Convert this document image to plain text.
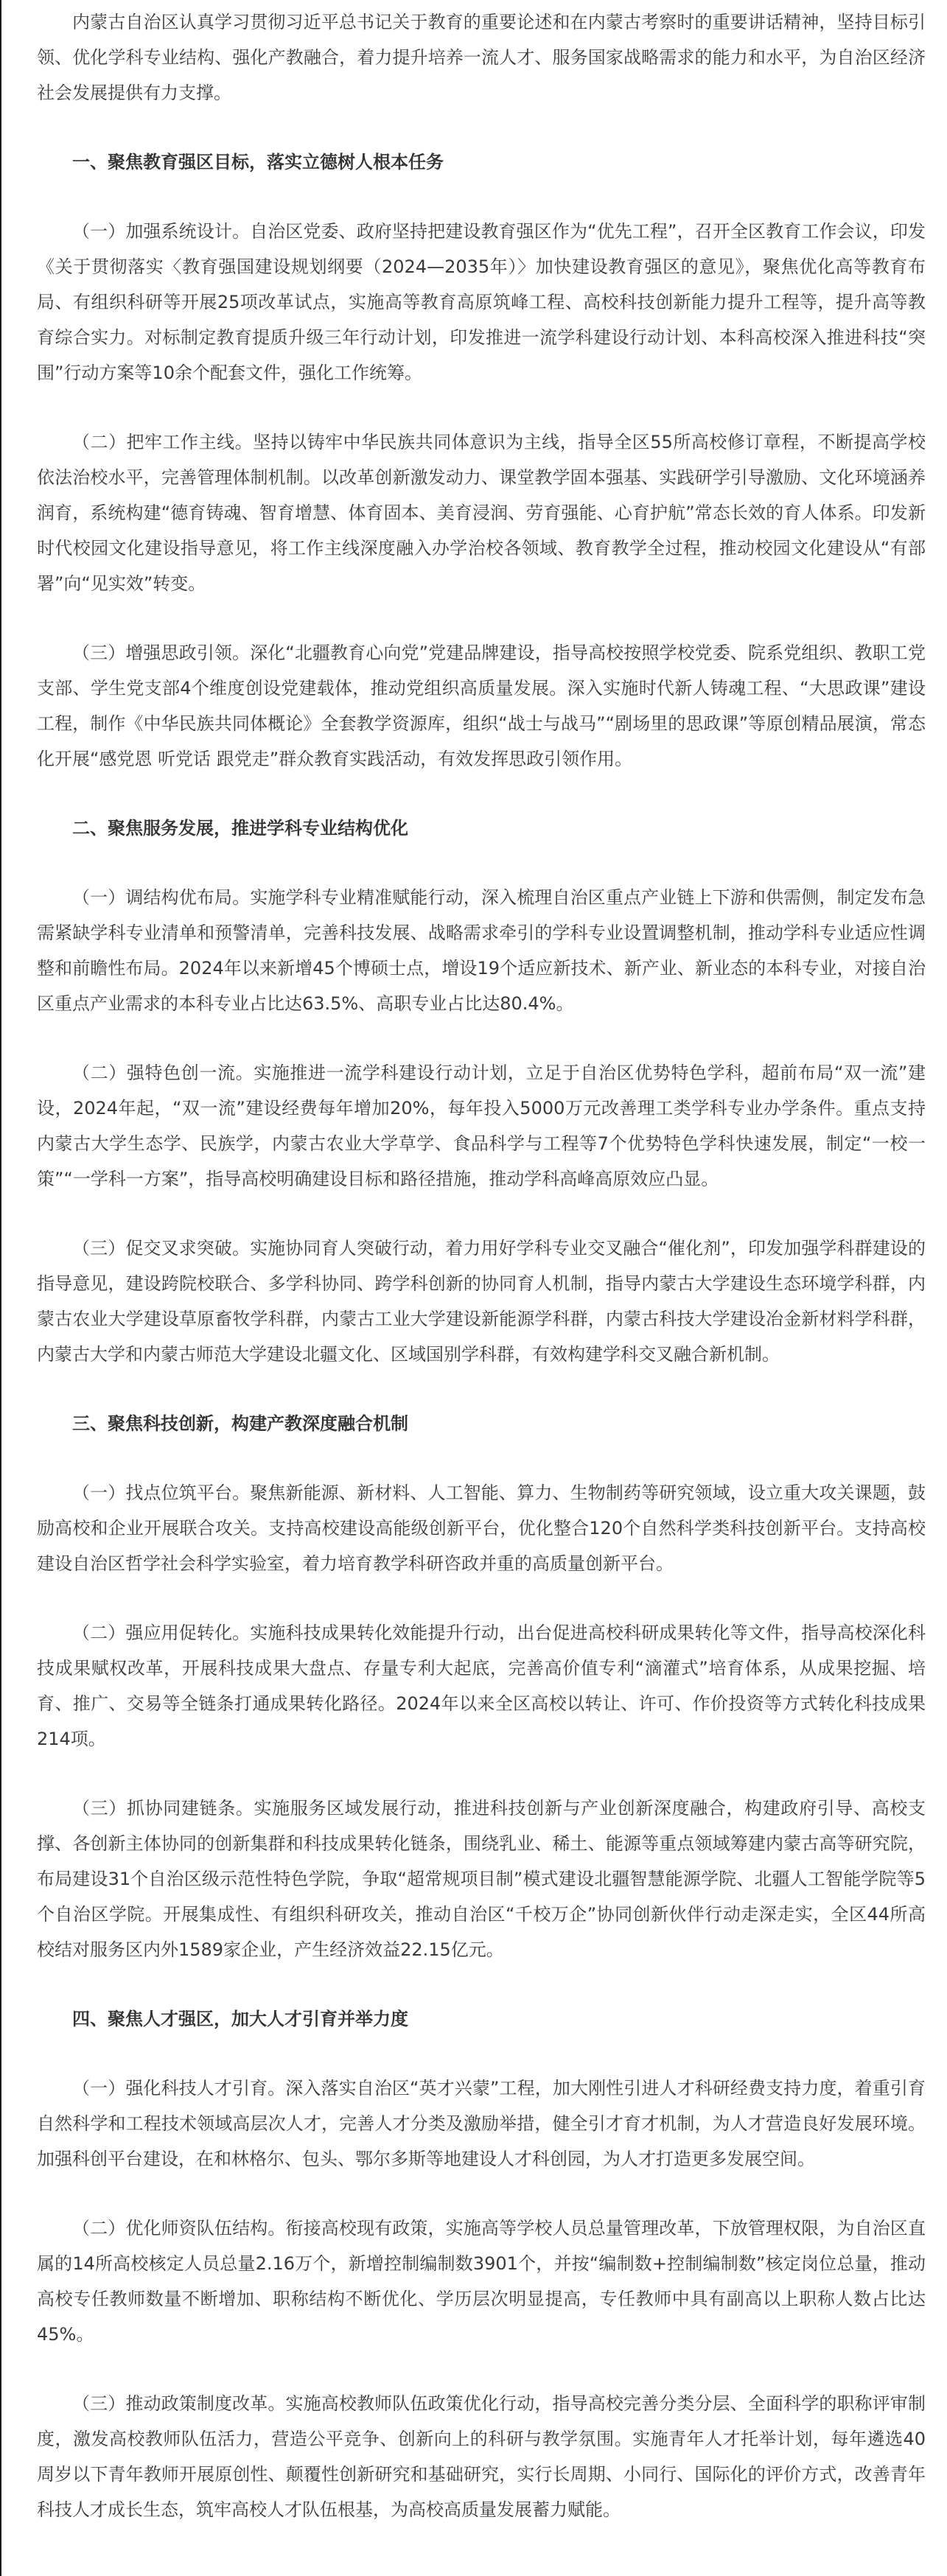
内蒙古自治区认真学习贯彻习近平总书记关于教育的重要论述和在内蒙古考察时的重要讲话精神，坚持目标引领、优化学科专业结构、强化产教融合，着力提升培养一流人才、服务国家战略需求的能力和水平，为自治区经济社会发展提供有力支撑。

一、聚焦教育强区目标，落实立德树人根本任务

（一）加强系统设计。自治区党委、政府坚持把建设教育强区作为“优先工程”，召开全区教育工作会议，印发《关于贯彻落实〈教育强国建设规划纲要（2024—2035年）〉加快建设教育强区的意见》，聚焦优化高等教育布局、有组织科研等开展25项改革试点，实施高等教育高原筑峰工程、高校科技创新能力提升工程等，提升高等教育综合实力。对标制定教育提质升级三年行动计划，印发推进一流学科建设行动计划、本科高校深入推进科技“突围”行动方案等10余个配套文件，强化工作统筹。

（二）把牢工作主线。坚持以铸牢中华民族共同体意识为主线，指导全区55所高校修订章程，不断提高学校依法治校水平，完善管理体制机制。以改革创新激发动力、课堂教学固本强基、实践研学引导激励、文化环境涵养润育，系统构建“德育铸魂、智育增慧、体育固本、美育浸润、劳育强能、心育护航”常态长效的育人体系。印发新时代校园文化建设指导意见，将工作主线深度融入办学治校各领域、教育教学全过程，推动校园文化建设从“有部署”向“见实效”转变。

（三）增强思政引领。深化“北疆教育心向党”党建品牌建设，指导高校按照学校党委、院系党组织、教职工党支部、学生党支部4个维度创设党建载体，推动党组织高质量发展。深入实施时代新人铸魂工程、“大思政课”建设工程，制作《中华民族共同体概论》全套教学资源库，组织“战士与战马”“剧场里的思政课”等原创精品展演，常态化开展“感党恩 听党话 跟党走”群众教育实践活动，有效发挥思政引领作用。

二、聚焦服务发展，推进学科专业结构优化

（一）调结构优布局。实施学科专业精准赋能行动，深入梳理自治区重点产业链上下游和供需侧，制定发布急需紧缺学科专业清单和预警清单，完善科技发展、战略需求牵引的学科专业设置调整机制，推动学科专业适应性调整和前瞻性布局。2024年以来新增45个博硕士点，增设19个适应新技术、新产业、新业态的本科专业，对接自治区重点产业需求的本科专业占比达63.5%、高职专业占比达80.4%。

（二）强特色创一流。实施推进一流学科建设行动计划，立足于自治区优势特色学科，超前布局“双一流”建设，2024年起，“双一流”建设经费每年增加20%，每年投入5000万元改善理工类学科专业办学条件。重点支持内蒙古大学生态学、民族学，内蒙古农业大学草学、食品科学与工程等7个优势特色学科快速发展，制定“一校一策”“一学科一方案”，指导高校明确建设目标和路径措施，推动学科高峰高原效应凸显。

（三）促交叉求突破。实施协同育人突破行动，着力用好学科专业交叉融合“催化剂”，印发加强学科群建设的指导意见，建设跨院校联合、多学科协同、跨学科创新的协同育人机制，指导内蒙古大学建设生态环境学科群，内蒙古农业大学建设草原畜牧学科群，内蒙古工业大学建设新能源学科群，内蒙古科技大学建设冶金新材料学科群，内蒙古大学和内蒙古师范大学建设北疆文化、区域国别学科群，有效构建学科交叉融合新机制。

三、聚焦科技创新，构建产教深度融合机制

（一）找点位筑平台。聚焦新能源、新材料、人工智能、算力、生物制药等研究领域，设立重大攻关课题，鼓励高校和企业开展联合攻关。支持高校建设高能级创新平台，优化整合120个自然科学类科技创新平台。支持高校建设自治区哲学社会科学实验室，着力培育教学科研咨政并重的高质量创新平台。

（二）强应用促转化。实施科技成果转化效能提升行动，出台促进高校科研成果转化等文件，指导高校深化科技成果赋权改革，开展科技成果大盘点、存量专利大起底，完善高价值专利“滴灌式”培育体系，从成果挖掘、培育、推广、交易等全链条打通成果转化路径。2024年以来全区高校以转让、许可、作价投资等方式转化科技成果214项。

（三）抓协同建链条。实施服务区域发展行动，推进科技创新与产业创新深度融合，构建政府引导、高校支撑、各创新主体协同的创新集群和科技成果转化链条，围绕乳业、稀土、能源等重点领域筹建内蒙古高等研究院，布局建设31个自治区级示范性特色学院，争取“超常规项目制”模式建设北疆智慧能源学院、北疆人工智能学院等5个自治区学院。开展集成性、有组织科研攻关，推动自治区“千校万企”协同创新伙伴行动走深走实，全区44所高校结对服务区内外1589家企业，产生经济效益22.15亿元。

四、聚焦人才强区，加大人才引育并举力度

（一）强化科技人才引育。深入落实自治区“英才兴蒙”工程，加大刚性引进人才科研经费支持力度，着重引育自然科学和工程技术领域高层次人才，完善人才分类及激励举措，健全引才育才机制，为人才营造良好发展环境。加强科创平台建设，在和林格尔、包头、鄂尔多斯等地建设人才科创园，为人才打造更多发展空间。

（二）优化师资队伍结构。衔接高校现有政策，实施高等学校人员总量管理改革，下放管理权限，为自治区直属的14所高校核定人员总量2.16万个，新增控制编制数3901个，并按“编制数+控制编制数”核定岗位总量，推动高校专任教师数量不断增加、职称结构不断优化、学历层次明显提高，专任教师中具有副高以上职称人数占比达45%。

（三）推动政策制度改革。实施高校教师队伍政策优化行动，指导高校完善分类分层、全面科学的职称评审制度，激发高校教师队伍活力，营造公平竞争、创新向上的科研与教学氛围。实施青年人才托举计划，每年遴选40周岁以下青年教师开展原创性、颠覆性创新研究和基础研究，实行长周期、小同行、国际化的评价方式，改善青年科技人才成长生态，筑牢高校人才队伍根基，为高校高质量发展蓄力赋能。
